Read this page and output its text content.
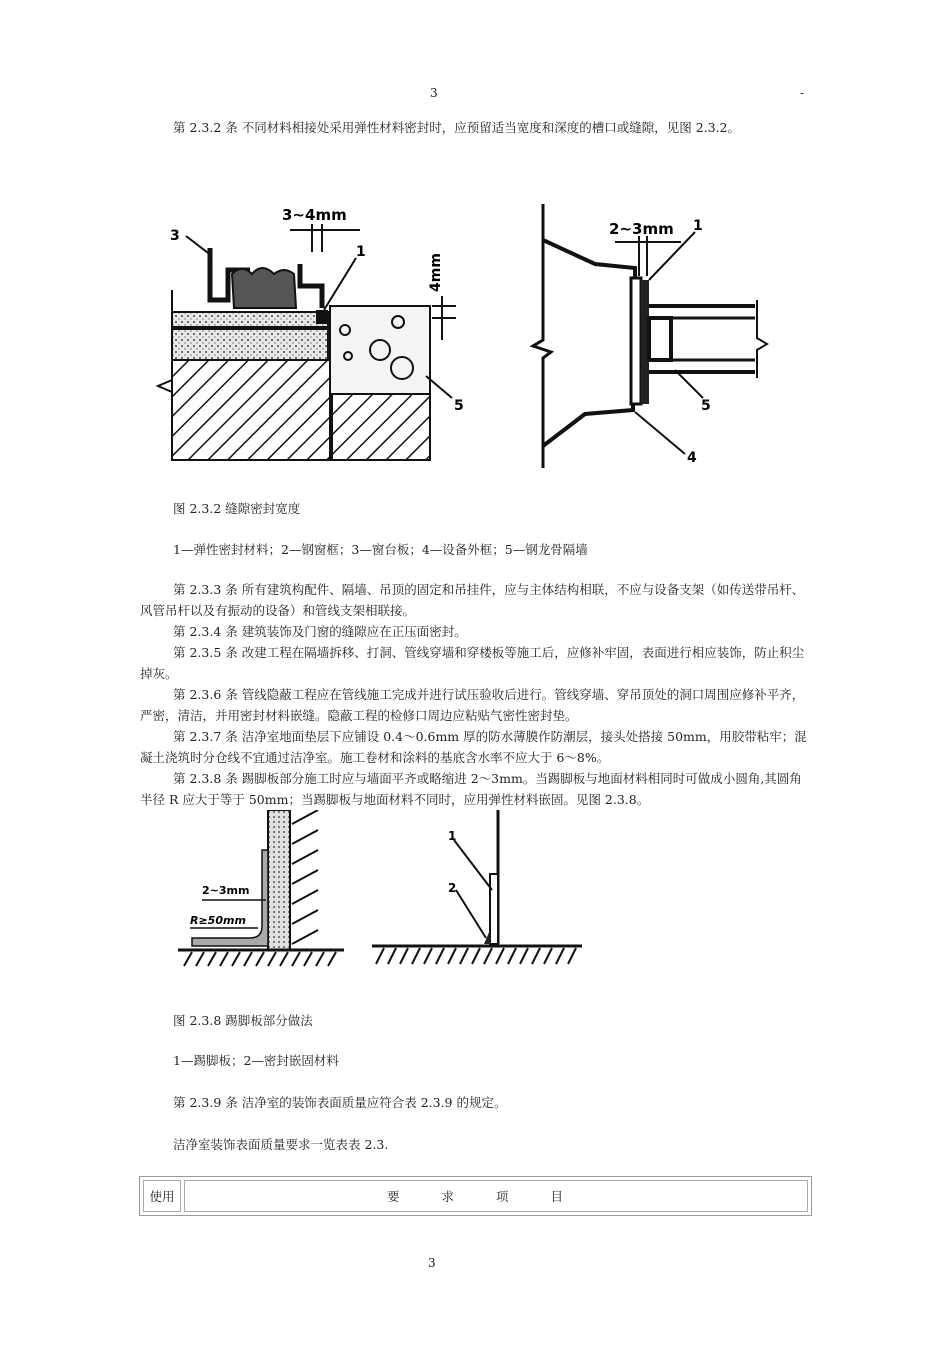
3	-

第 2.3.2 条 不同材料相接处采用弹性材料密封时，应预留适当宽度和深度的槽口或缝隙，见图 2.3.2。

3~4mm
4mm
3
1
5
2~3mm 1
5
4
图 2.3.2 缝隙密封宽度
1—弹性密封材料；2—钢窗框；3—窗台板；4—设备外框；5—钢龙骨隔墙

第 2.3.3 条 所有建筑构配件、隔墙、吊顶的固定和吊挂件，应与主体结构相联，不应与设备支架（如传送带吊杆、风管吊杆以及有振动的设备）和管线支架相联接。

第 2.3.4 条 建筑装饰及门窗的缝隙应在正压面密封。

第 2.3.5 条 改建工程在隔墙拆移、打洞、管线穿墙和穿楼板等施工后，应修补牢固，表面进行相应装饰，防止积尘掉灰。

第 2.3.6 条 管线隐蔽工程应在管线施工完成并进行试压验收后进行。管线穿墙、穿吊顶处的洞口周围应修补平齐，严密，清洁，并用密封材料嵌缝。隐蔽工程的检修口周边应粘贴气密性密封垫。

第 2.3.7 条 洁净室地面垫层下应铺设 0.4～0.6mm 厚的防水薄膜作防潮层，接头处搭接 50mm，用胶带粘牢；混凝土浇筑时分仓线不宜通过洁净室。施工卷材和涂料的基底含水率不应大于 6～8%。

第 2.3.8 条 踢脚板部分施工时应与墙面平齐或略缩进 2～3mm。当踢脚板与地面材料相同时可做成小圆角,其圆角半径 R 应大于等于 50mm；当踢脚板与地面材料不同时，应用弹性材料嵌固。见图 2.3.8。

2~3mm
R≥50mm
1
2
图 2.3.8 踢脚板部分做法
1—踢脚板；2—密封嵌固材料
第 2.3.9 条 洁净室的装饰表面质量应符合表 2.3.9 的规定。
洁净室装饰表面质量要求一览表表 2.3.
使用	要求项目
3
